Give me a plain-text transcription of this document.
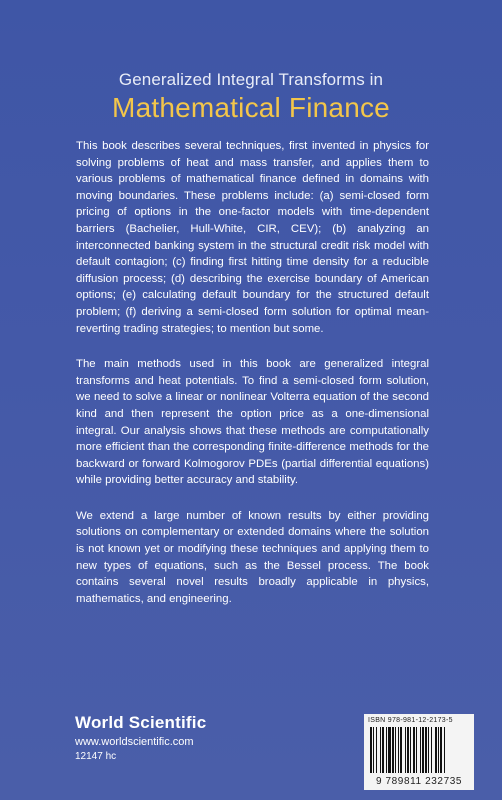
Generalized Integral Transforms in
Mathematical Finance

This book describes several techniques, first invented in physics for solving problems of heat and mass transfer, and applies them to various problems of mathematical finance defined in domains with moving boundaries. These problems include: (a) semi-closed form pricing of options in the one-factor models with time-dependent barriers (Bachelier, Hull-White, CIR, CEV); (b) analyzing an interconnected banking system in the structural credit risk model with default contagion; (c) finding first hitting time density for a reducible diffusion process; (d) describing the exercise boundary of American options; (e) calculating default boundary for the structured default problem; (f) deriving a semi-closed form solution for optimal mean-reverting trading strategies; to mention but some.

The main methods used in this book are generalized integral transforms and heat potentials. To find a semi-closed form solution, we need to solve a linear or nonlinear Volterra equation of the second kind and then represent the option price as a one-dimensional integral. Our analysis shows that these methods are computationally more efficient than the corresponding finite-difference methods for the backward or forward Kolmogorov PDEs (partial differential equations) while providing better accuracy and stability.

We extend a large number of known results by either providing solutions on complementary or extended domains where the solution is not known yet or modifying these techniques and applying them to new types of equations, such as the Bessel process. The book contains several novel results broadly applicable in physics, mathematics, and engineering.

World Scientific
www.worldscientific.com
12147 hc
ISBN 978-981-12-2173-5
9 789811 232735
